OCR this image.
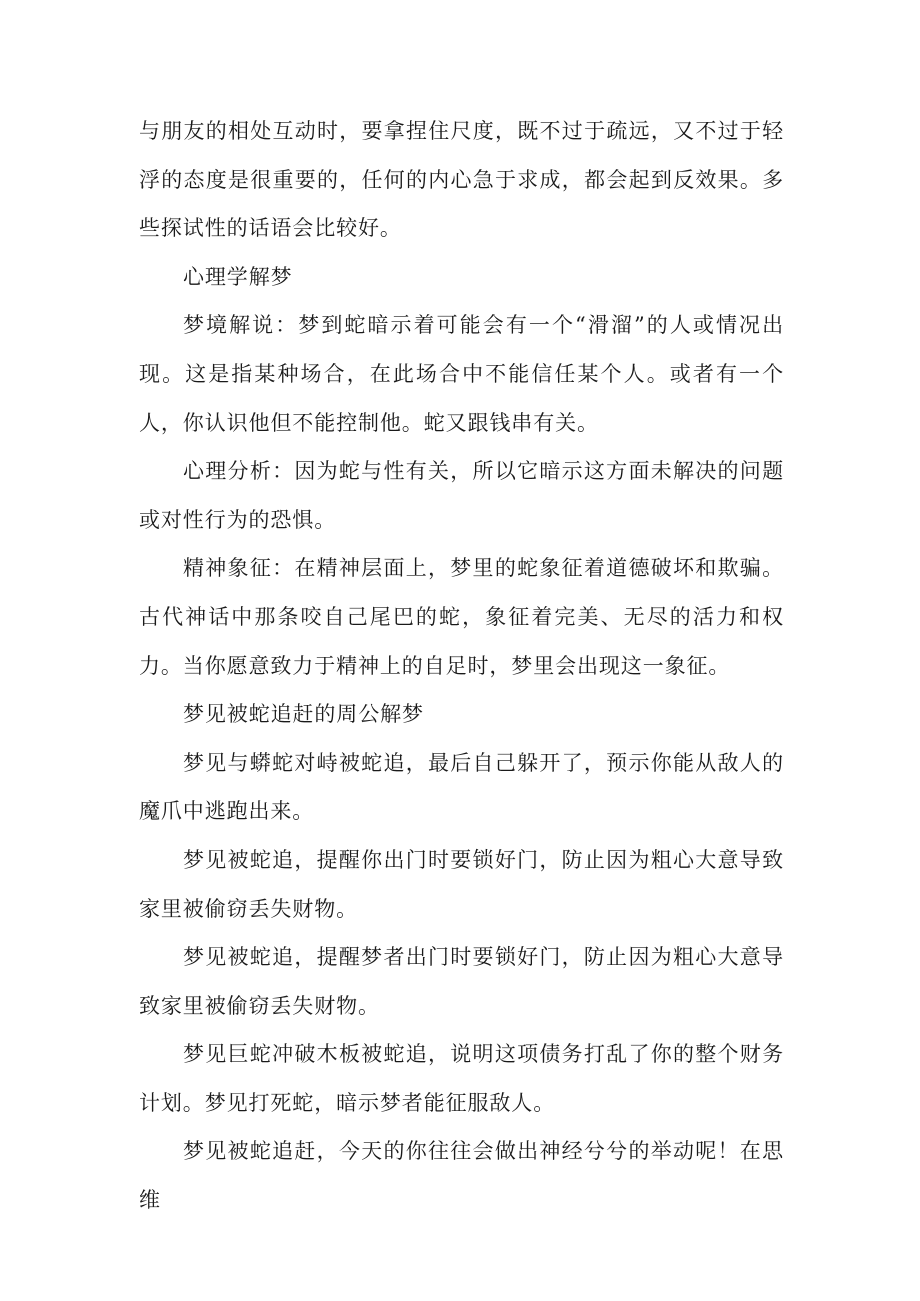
与朋友的相处互动时，要拿捏住尺度，既不过于疏远，又不过于轻浮的态度是很重要的，任何的内心急于求成，都会起到反效果。多些探试性的话语会比较好。

心理学解梦

梦境解说：梦到蛇暗示着可能会有一个“滑溜”的人或情况出现。这是指某种场合，在此场合中不能信任某个人。或者有一个人，你认识他但不能控制他。蛇又跟钱串有关。

心理分析：因为蛇与性有关，所以它暗示这方面未解决的问题或对性行为的恐惧。

精神象征：在精神层面上，梦里的蛇象征着道德破坏和欺骗。古代神话中那条咬自己尾巴的蛇，象征着完美、无尽的活力和权力。当你愿意致力于精神上的自足时，梦里会出现这一象征。

梦见被蛇追赶的周公解梦

梦见与蟒蛇对峙被蛇追，最后自己躲开了，预示你能从敌人的魔爪中逃跑出来。

梦见被蛇追，提醒你出门时要锁好门，防止因为粗心大意导致家里被偷窃丢失财物。

梦见被蛇追，提醒梦者出门时要锁好门，防止因为粗心大意导致家里被偷窃丢失财物。

梦见巨蛇冲破木板被蛇追，说明这项债务打乱了你的整个财务计划。梦见打死蛇，暗示梦者能征服敌人。

梦见被蛇追赶，今天的你往往会做出神经兮兮的举动呢！在思维
